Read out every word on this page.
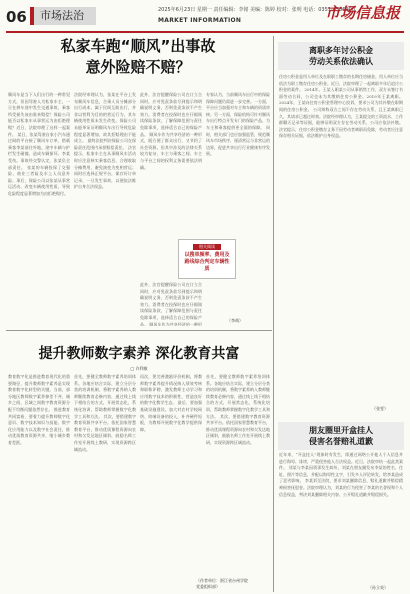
06	市场法治	2025年6月23日 星期一 责任编辑：李铭 美编：陈婷 校对：张明 电话：0351-4566000
MARKET INFORMATION	市场信息报
私家车跑“顺风”出事故
意外险赔不赔？
顺风车是当下人们出行的一种常见方式，但因驾驶人为私家车主，一旦在拼车途中发生交通事故，乘客所受损失该由谁来赔偿？保险公司能否以私家车从事营运为由拒绝理赔？近日，法院审理了这样一起案件。 某日，张某驾驶自家小汽车通过网约平台接了顺风车订单，搭载乘客李某前往外地。途中车辆与护栏发生碰撞，造成车辆损坏、李某受伤。事故经交警认定，张某负全部责任。 张某的车辆投保了交强险、商业三者险及车上人员意外险。事后，保险公司以张某从事营运活动、改变车辆使用性质、导致危险程度显著增加为由拒绝赔付。
法院经审理认为，张某在平台上发布顺风车信息，合乘人员分摊部分出行成本，属于民间互助出行，并非以营利为目的的营运行为，其车辆使用性质未发生改变。保险公司未能举证证明顺风车出行导致危险程度显著增加，故其拒赔理由不能成立。 最终法院判决保险公司在保险责任范围内承担赔偿责任。 法官提示，私家车主在从事顺风车活动时应注意核实乘客信息、合理收取分摊费用，避免演变为变相营运；同时应选择正规平台，保存好订单记录，一旦发生事故，以便依法维护自身合法权益。
此外，法官提醒保险公司在订立合同时，应对免责条款尽到提示和明确说明义务，否则免责条款不产生效力。消费者在投保时也应仔细阅读保险条款，了解保障范围与责任免除事项，选择适合自己的保险产品。 顺风车作为共享经济的一种形式，既方便了群众出行，又节约了社会资源。但其中涉及的法律关系较为复杂，车主与乘客之间、车主与平台之间的权利义务需要依法明确。
专家认为，当前顺风车出行中的保险保障问题仍需进一步完善。一方面，平台应当加强对车主和车辆的资质审核；另一方面，保险机构可针对顺风车出行特点开发专门的保险产品，为车主和乘客提供更全面的保障。 同时，相关部门也应加强监管，规范顺风车市场秩序，厘清营运与非营运的边界，促进共享出行行业健康有序发展。
此外，法官提醒保险公司在订立合同时，应对免责条款尽到提示和明确说明义务，否则免责条款不产生效力。消费者在投保时也应仔细阅读保险条款，了解保障范围与责任免除事项，选择适合自己的保险产品。 顺风车作为共享经济的一种形
相关阅读
以搜单频率、费用及路线综合判定车辆性质
（李萌）
离职多年讨公积金
劳动关系依法确认
住房公积金是用人单位及在职职工缴存的长期住房储金。用人单位应当依法为职工缴存住房公积金。近日，法院审理了一起离职多年后追讨公积金的案件。 2014年，王某入职某公司从事销售工作，双方未签订书面劳动合同，公司也未为其缴纳住房公积金。2019年王某离职。2024年，王某向住房公积金管理中心投诉，要求公司为其补缴在职期间的住房公积金。 公司辩称双方之间不存在劳动关系，且王某离职已久，其请求已超过时效。法院经审理认为，王某提交的工资流水、工作群聊天记录等证据，能够证明双方存在劳动关系，公司应依法补缴。 法官提示，住房公积金缴存义务不因劳动者离职而免除，劳动者应注意保存相关证据，依法维护自身权益。
（张雯）
朋友圈里开盒挂人
侵害名誉赔礼道歉
近年来，“开盒挂人”现象时有发生，即通过网络公开他人个人信息并进行侮辱、诽谤，严重侵害他人合法权益。近日，法院审结一起此类案件。 刘某与李某因琐事发生纠纷，刘某在朋友圈发布李某的姓名、住址、照片等信息，并配以侮辱性文字，引发多人评论转发，给李某造成了恶劣影响。 李某诉至法院，要求刘某删除信息、赔礼道歉并赔偿精神损害抚慰金。法院审理认为，刘某的行为侵害了李某的名誉权和个人信息权益，判决刘某删除相关内容、公开赔礼道歉并赔偿损失。
（孙立英）
提升教师数字素养 深化教育共富
□ 许利敏
教育数字化是推进教育现代化的重要路径，提升教师数字素养是实现教育数字化转型的关键。当前，部分地区教师数字素养参差不齐，城乡之间、区域之间数字教育资源分配不均衡问题依然存在。 推进教育共同富裕，要着力提升教师数字化意识、数字技术知识与技能、数字化应用能力以及数字社会责任，推动优质教育资源共享，缩小城乡教育差距。
首先，要健全教师数字素养培训体系。各地应结合实际，建立分层分类的培训机制，将数字素养纳入教师继续教育必修内容，通过线上线下相结合的方式，开展常态化、系统化培训，帮助教师掌握数字化教学工具和方法。 其次，要搭建数字教育资源共享平台。依托国家智慧教育平台，推动优质课程资源向农村和欠发达地区倾斜，鼓励名师工作室开展线上教研，实现资源跨区域流动。
再次，要完善激励评价机制。将教师数字素养提升情况纳入绩效考核和职称评聘，激发教师主动学习和应用数字技术的积极性，营造良好的数字化教学生态。 最后，要加强基础设施建设。加大对农村学校网络、终端设备的投入，补齐硬件短板，为教师开展数字化教学提供保障。
首先，要健全教师数字素养培训体系。各地应结合实际，建立分层分类的培训机制，将数字素养纳入教师继续教育必修内容，通过线上线下相结合的方式，开展常态化、系统化培训，帮助教师掌握数字化教学工具和方法。 其次，要搭建数字教育资源共享平台。依托国家智慧教育平台，推动优质课程资源向农村和欠发达地区倾斜，鼓励名师工作室开展线上教研，实现资源跨区域流动。
（作者单位：浙江省台州学院
党委组织部）
